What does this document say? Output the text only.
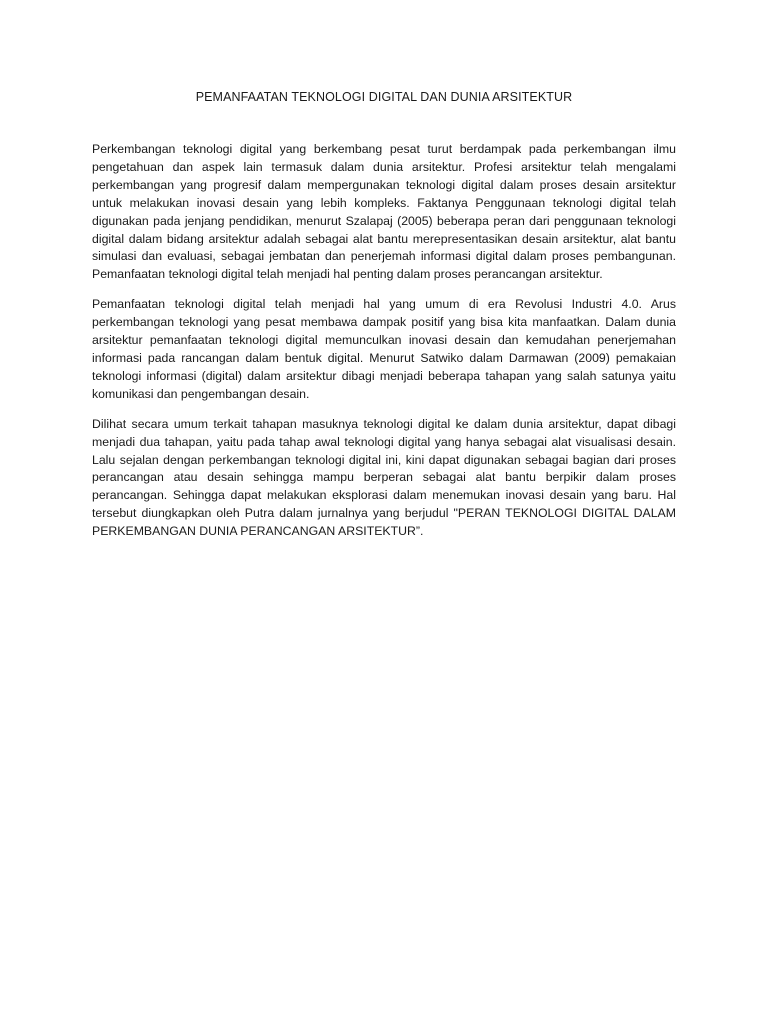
PEMANFAATAN TEKNOLOGI DIGITAL DAN DUNIA ARSITEKTUR

Perkembangan teknologi digital yang berkembang pesat turut berdampak pada perkembangan ilmu pengetahuan dan aspek lain termasuk dalam dunia arsitektur. Profesi arsitektur telah mengalami perkembangan yang progresif dalam mempergunakan teknologi digital dalam proses desain arsitektur untuk melakukan inovasi desain yang lebih kompleks. Faktanya Penggunaan teknologi digital telah digunakan pada jenjang pendidikan, menurut Szalapaj (2005) beberapa peran dari penggunaan teknologi digital dalam bidang arsitektur adalah sebagai alat bantu merepresentasikan desain arsitektur, alat bantu simulasi dan evaluasi, sebagai jembatan dan penerjemah informasi digital dalam proses pembangunan. Pemanfaatan teknologi digital telah menjadi hal penting dalam proses perancangan arsitektur.

Pemanfaatan teknologi digital telah menjadi hal yang umum di era Revolusi Industri 4.0. Arus perkembangan teknologi yang pesat membawa dampak positif yang bisa kita manfaatkan. Dalam dunia arsitektur pemanfaatan teknologi digital memunculkan inovasi desain dan kemudahan penerjemahan informasi pada rancangan dalam bentuk digital. Menurut Satwiko dalam Darmawan (2009) pemakaian teknologi informasi (digital) dalam arsitektur dibagi menjadi beberapa tahapan yang salah satunya yaitu komunikasi dan pengembangan desain.

Dilihat secara umum terkait tahapan masuknya teknologi digital ke dalam dunia arsitektur, dapat dibagi menjadi dua tahapan, yaitu pada tahap awal teknologi digital yang hanya sebagai alat visualisasi desain. Lalu sejalan dengan perkembangan teknologi digital ini, kini dapat digunakan sebagai bagian dari proses perancangan atau desain sehingga mampu berperan sebagai alat bantu berpikir dalam proses perancangan. Sehingga dapat melakukan eksplorasi dalam menemukan inovasi desain yang baru. Hal tersebut diungkapkan oleh Putra dalam jurnalnya yang berjudul "PERAN TEKNOLOGI DIGITAL DALAM PERKEMBANGAN DUNIA PERANCANGAN ARSITEKTUR”.
